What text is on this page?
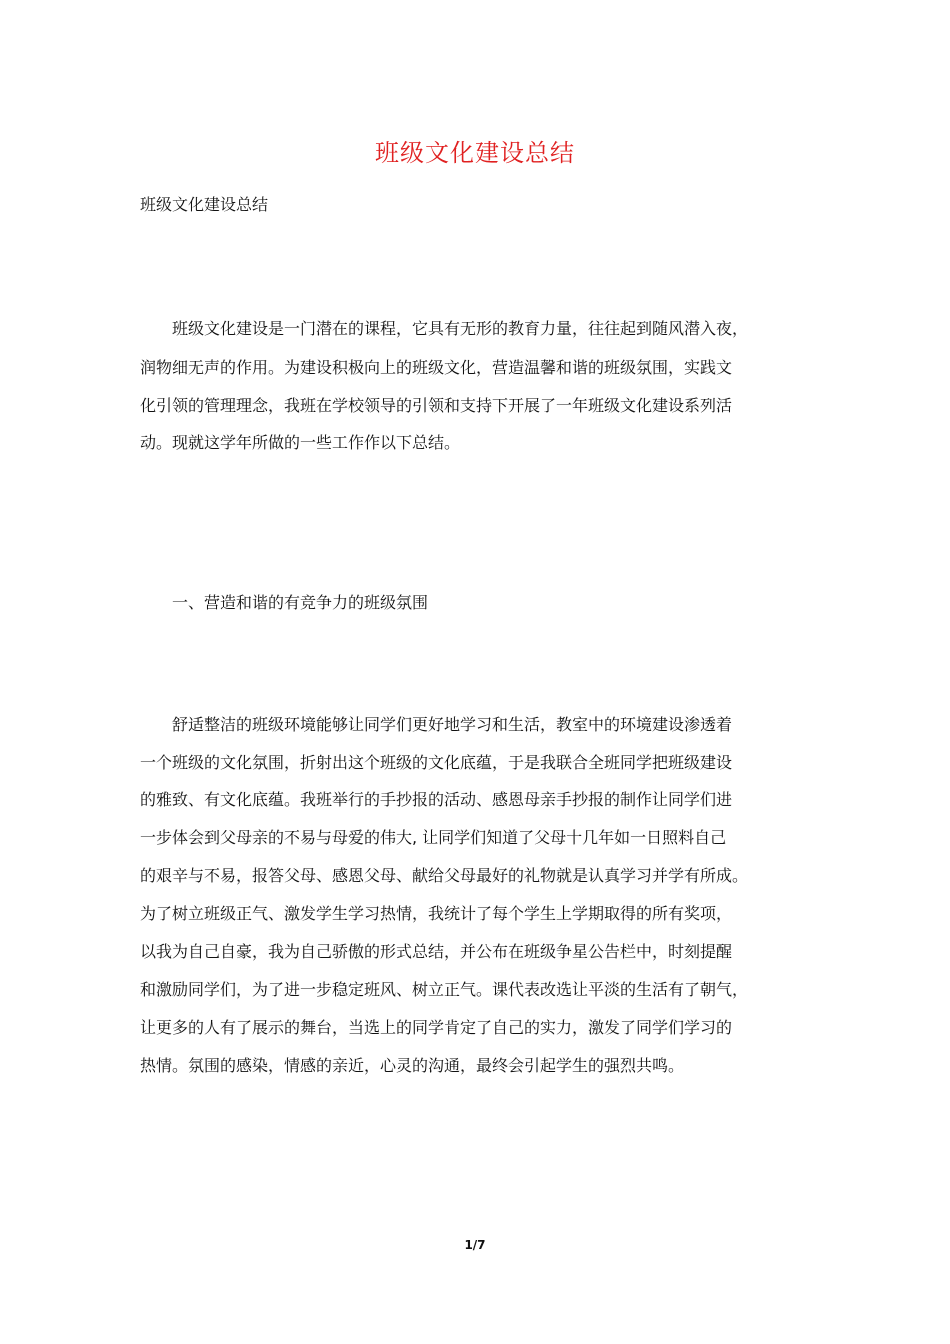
班级文化建设总结
班级文化建设总结
班级文化建设是一门潜在的课程，它具有无形的教育力量，往往起到随风潜入夜，
润物细无声的作用。为建设积极向上的班级文化，营造温馨和谐的班级氛围，实践文
化引领的管理理念，我班在学校领导的引领和支持下开展了一年班级文化建设系列活
动。现就这学年所做的一些工作作以下总结。
一、营造和谐的有竞争力的班级氛围
舒适整洁的班级环境能够让同学们更好地学习和生活，教室中的环境建设渗透着
一个班级的文化氛围，折射出这个班级的文化底蕴，于是我联合全班同学把班级建设
的雅致、有文化底蕴。我班举行的手抄报的活动、感恩母亲手抄报的制作让同学们进
一步体会到父母亲的不易与母爱的伟大, 让同学们知道了父母十几年如一日照料自己
的艰辛与不易，报答父母、感恩父母、献给父母最好的礼物就是认真学习并学有所成。
为了树立班级正气、激发学生学习热情，我统计了每个学生上学期取得的所有奖项，
以我为自己自豪，我为自己骄傲的形式总结，并公布在班级争星公告栏中，时刻提醒
和激励同学们，为了进一步稳定班风、树立正气。课代表改选让平淡的生活有了朝气，
让更多的人有了展示的舞台，当选上的同学肯定了自己的实力，激发了同学们学习的
热情。氛围的感染，情感的亲近，心灵的沟通，最终会引起学生的强烈共鸣。
1/7
